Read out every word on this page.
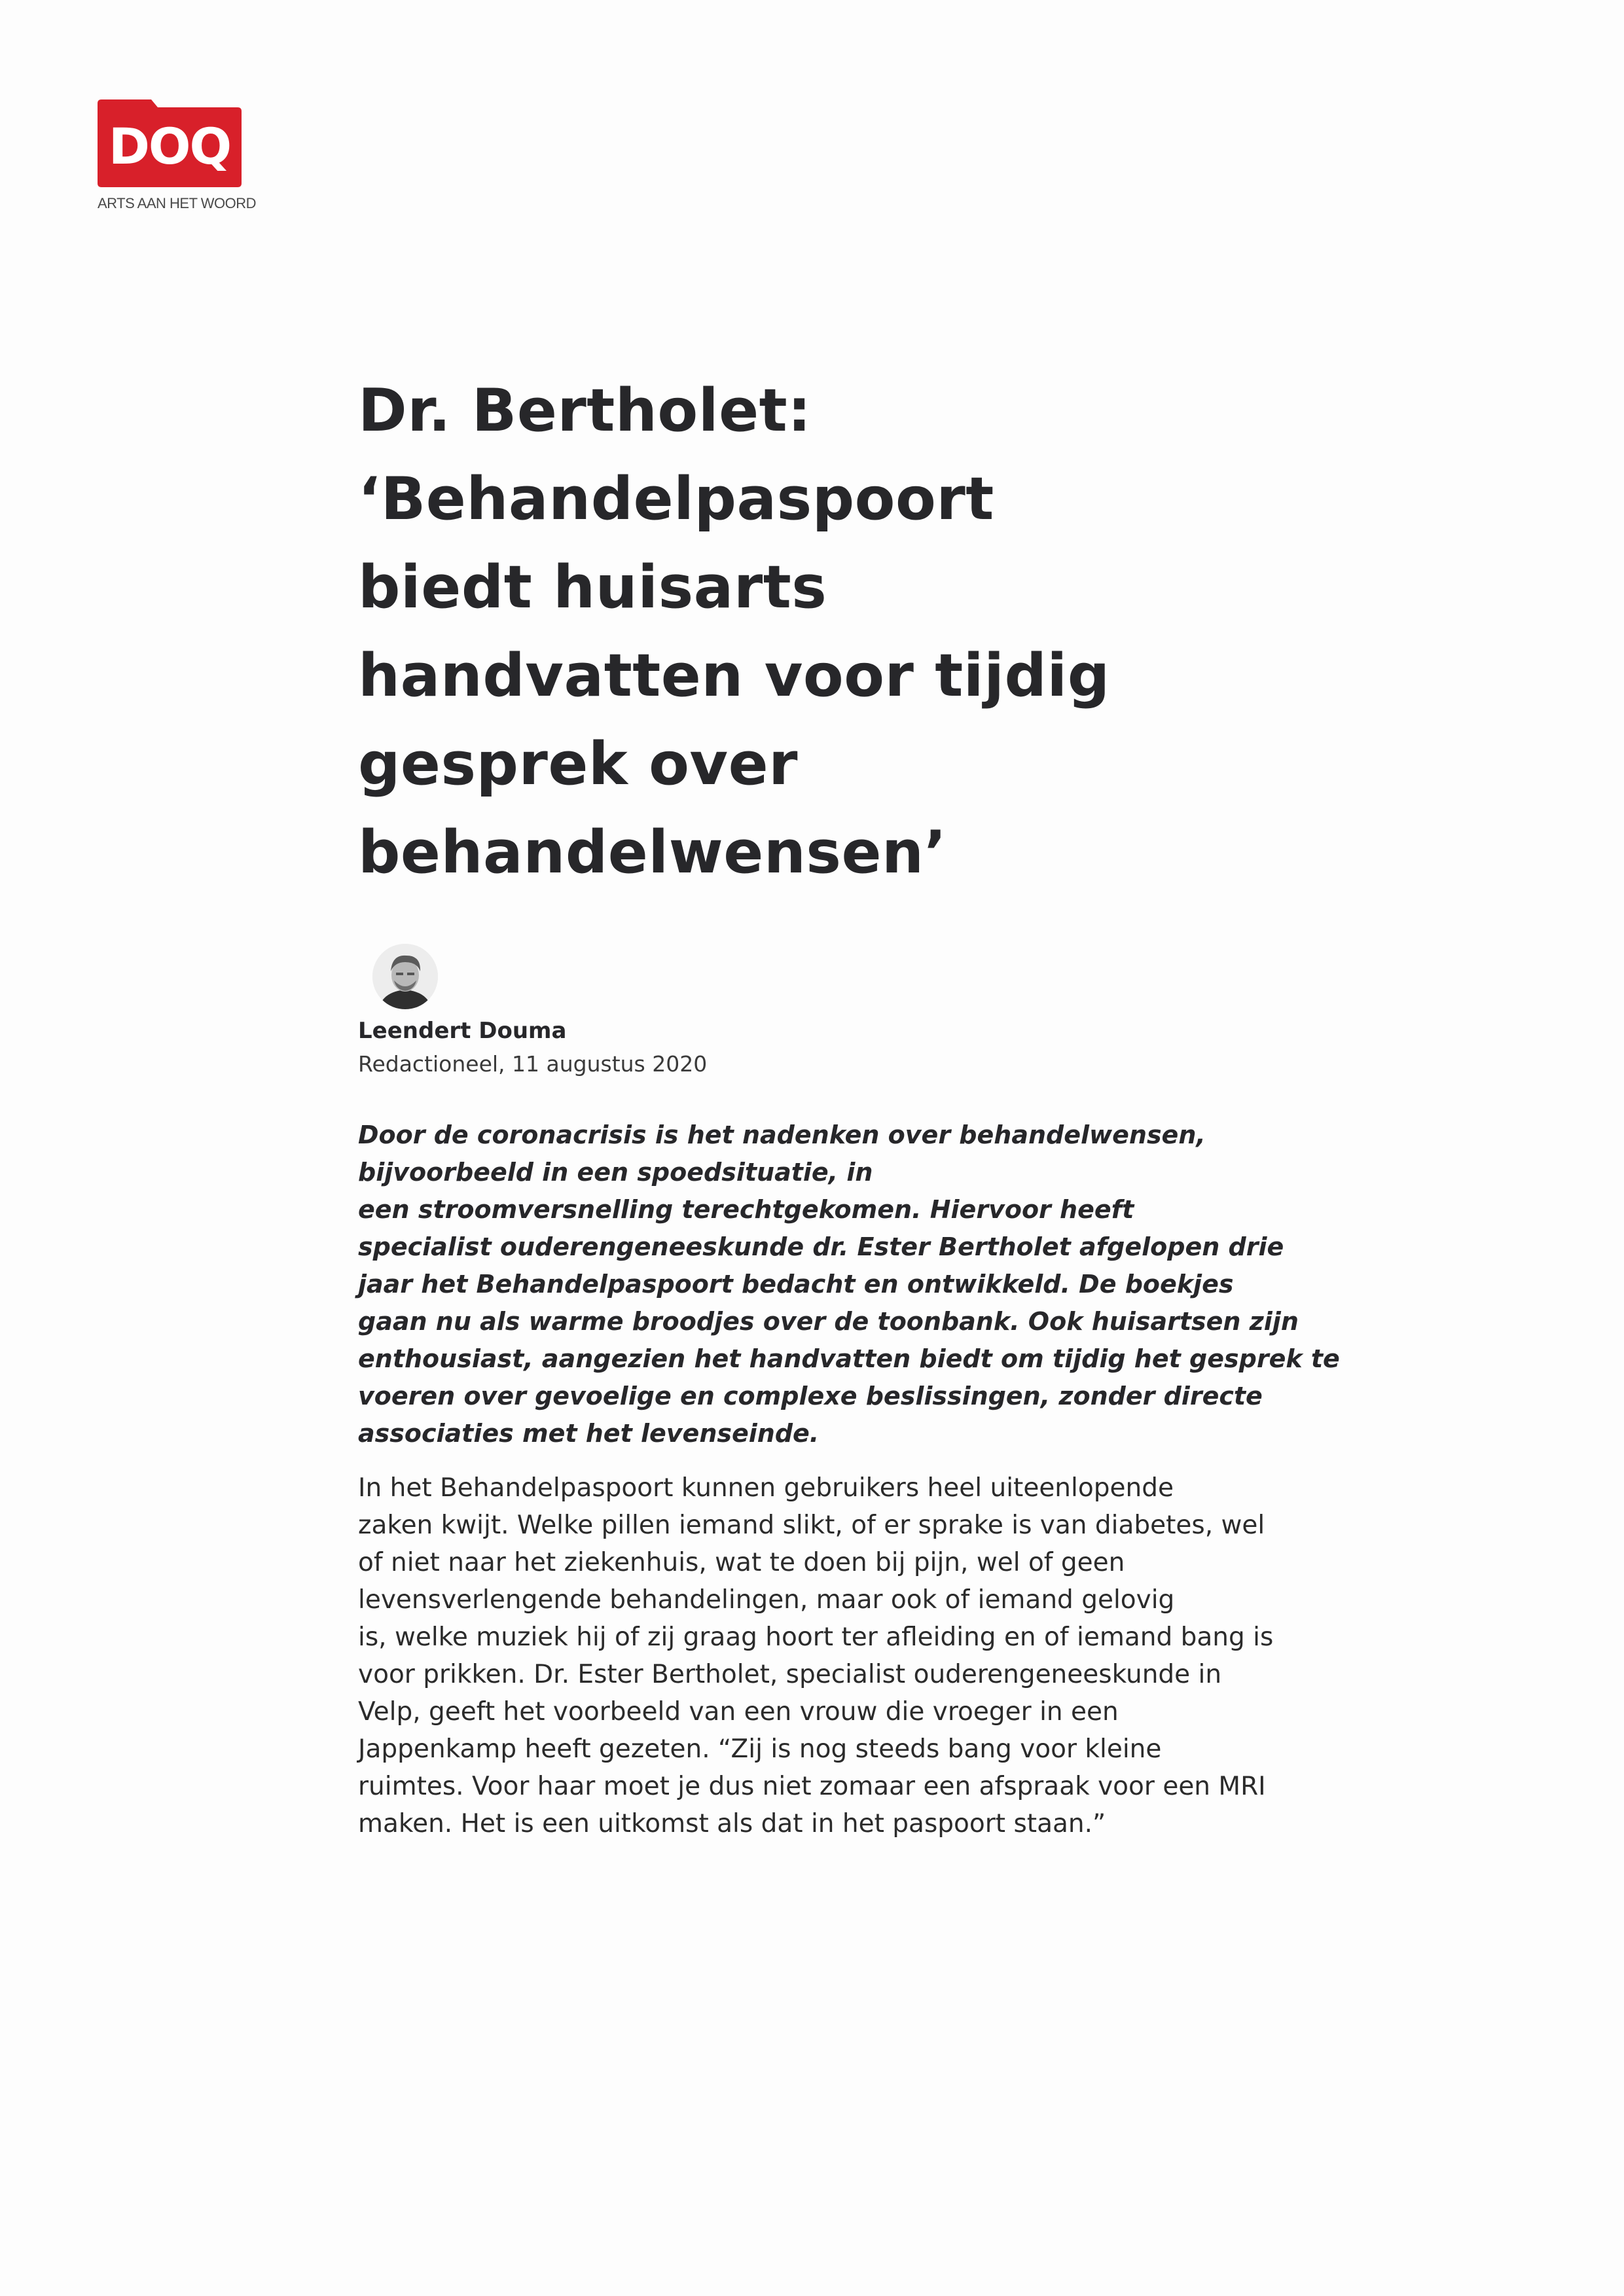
DOQ
ARTS AAN HET WOORD
Dr. Bertholet: ‘Behandelpaspoort biedt huisarts handvatten voor tijdig gesprek over behandelwensen’
Leendert Douma
Redactioneel, 11 augustus 2020
Door de coronacrisis is het nadenken over behandelwensen,
bijvoorbeeld in een spoedsituatie, in
een stroomversnelling terechtgekomen. Hiervoor heeft
specialist ouderengeneeskunde dr. Ester Bertholet afgelopen drie
jaar het Behandelpaspoort bedacht en ontwikkeld. De boekjes
gaan nu als warme broodjes over de toonbank. Ook huisartsen zijn
enthousiast, aangezien het handvatten biedt om tijdig het gesprek te
voeren over gevoelige en complexe beslissingen, zonder directe
associaties met het levenseinde.
In het Behandelpaspoort kunnen gebruikers heel uiteenlopende
zaken kwijt. Welke pillen iemand slikt, of er sprake is van diabetes, wel
of niet naar het ziekenhuis, wat te doen bij pijn, wel of geen
levensverlengende behandelingen, maar ook of iemand gelovig
is, welke muziek hij of zij graag hoort ter afleiding en of iemand bang is
voor prikken. Dr. Ester Bertholet, specialist ouderengeneeskunde in
Velp, geeft het voorbeeld van een vrouw die vroeger in een
Jappenkamp heeft gezeten. “Zij is nog steeds bang voor kleine
ruimtes. Voor haar moet je dus niet zomaar een afspraak voor een MRI
maken. Het is een uitkomst als dat in het paspoort staan.”
